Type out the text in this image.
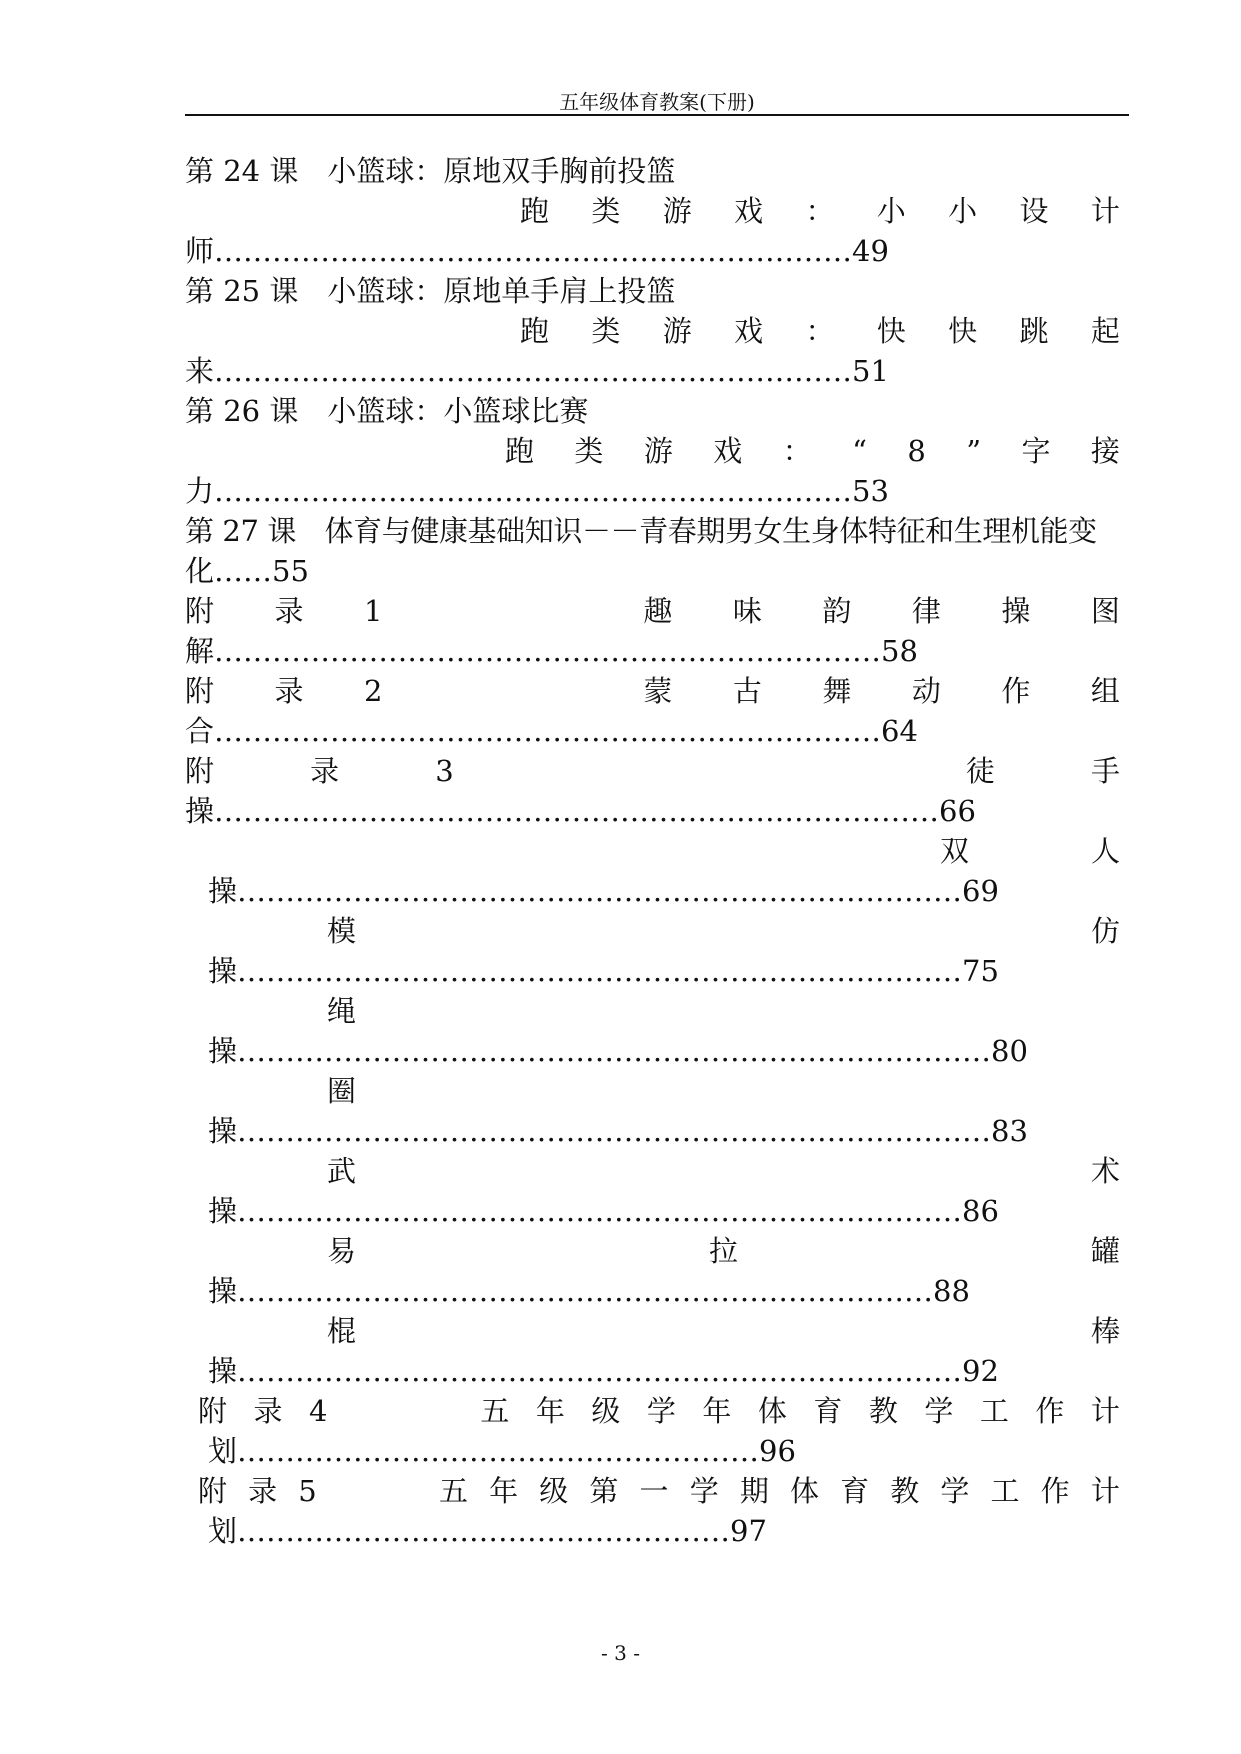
五年级体育教案(下册)
第 24 课　小篮球：原地双手胸前投篮
跑 类 游 戏 ： 小 小 设 计
师…………………………………………………………49
第 25 课　小篮球：原地单手肩上投篮
跑 类 游 戏 ： 快 快 跳 起
来…………………………………………………………51
第 26 课　小篮球：小篮球比赛
跑 类 游 戏 ： “ 8 ” 字 接
力…………………………………………………………53
第 27 课　体育与健康基础知识－－青春期男女生身体特征和生理机能变
化……55
附 录 1	趣 味 韵 律 操 图
解……………………………………………………………58
附 录 2	蒙 古 舞 动 作 组
合……………………………………………………………64
附	录	3	徒	手
操…………………………………………………………………66
双	人
操…………………………………………………………………69
模	仿
操…………………………………………………………………75
绳
操……………………………………………………………………80
圈
操……………………………………………………………………83
武	术
操…………………………………………………………………86
易	拉	罐
操………………………………………………………………88
棍	棒
操…………………………………………………………………92
附 录 4	五 年 级 学 年 体 育 教 学 工 作 计
划………………………………………………96
附 录 5	五 年 级 第 一 学 期 体 育 教 学 工 作 计
划……………………………………………97
- 3 -
